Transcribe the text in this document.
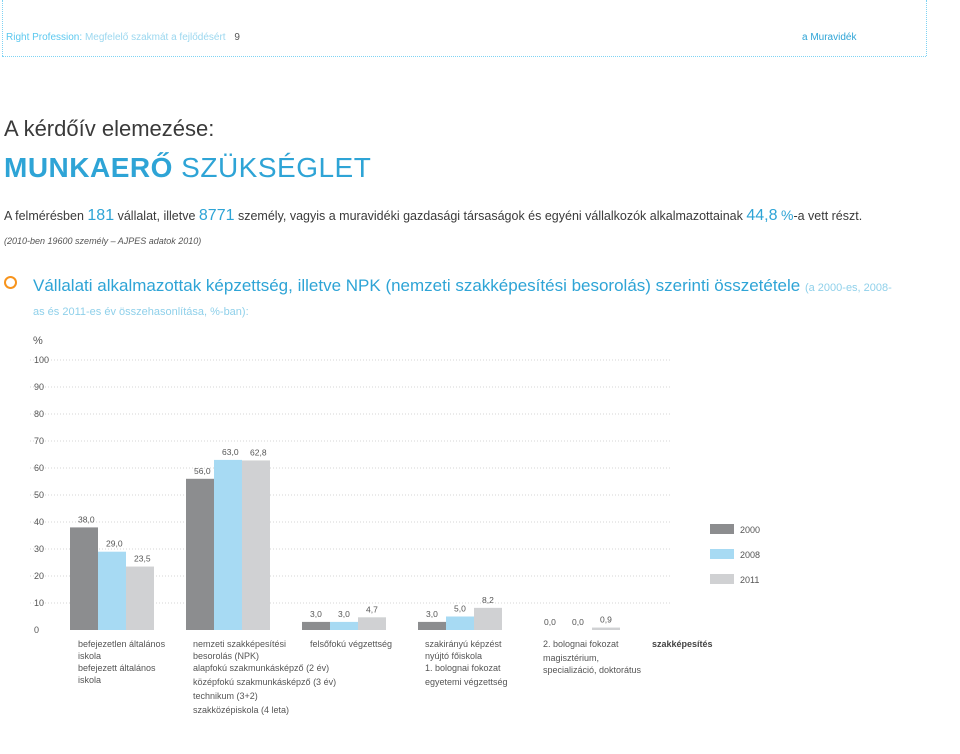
Right Profession: Megfelelő szakmát a fejlődésért 9	a Muravidék
A kérdőív elemezése:
MUNKAERŐ SZÜKSÉGLET
A felmérésben 181 vállalat, illetve 8771 személy, vagyis a muravidéki gazdasági társaságok és egyéni vállalkozók alkalmazottainak 44,8 %-a vett részt.
(2010-ben 19600 személy – AJPES adatok 2010)
Vállalati alkalmazottak képzettség, illetve NPK (nemzeti szakképesítési besorolás) szerinti összetétele (a 2000-es, 2008-as és 2011-es év összehasonlítása, %-ban):
%
0
10
20
30
40
50
60
70
80
90
100
38,0
29,0
23,5
56,0
63,0 62,8
3,0 3,0 4,7	3,0
5,0
8,2
0,0 0,0 0,9
2000
2008
2011
befejezetlen általános iskola
befejezett általános iskola
nemzeti szakképesítési besorolás (NPK)
alapfokú szakmunkásképző (2 év)
középfokú szakmunkásképző (3 év)
technikum (3+2)
szakközépiskola (4 leta)
felsőfokú végzettség	szakirányú képzést nyújtó főiskola
1. bolognai fokozat
egyetemi végzettség
2. bolognai fokozat
magisztérium, specializáció, doktorátus
szakképesítés
